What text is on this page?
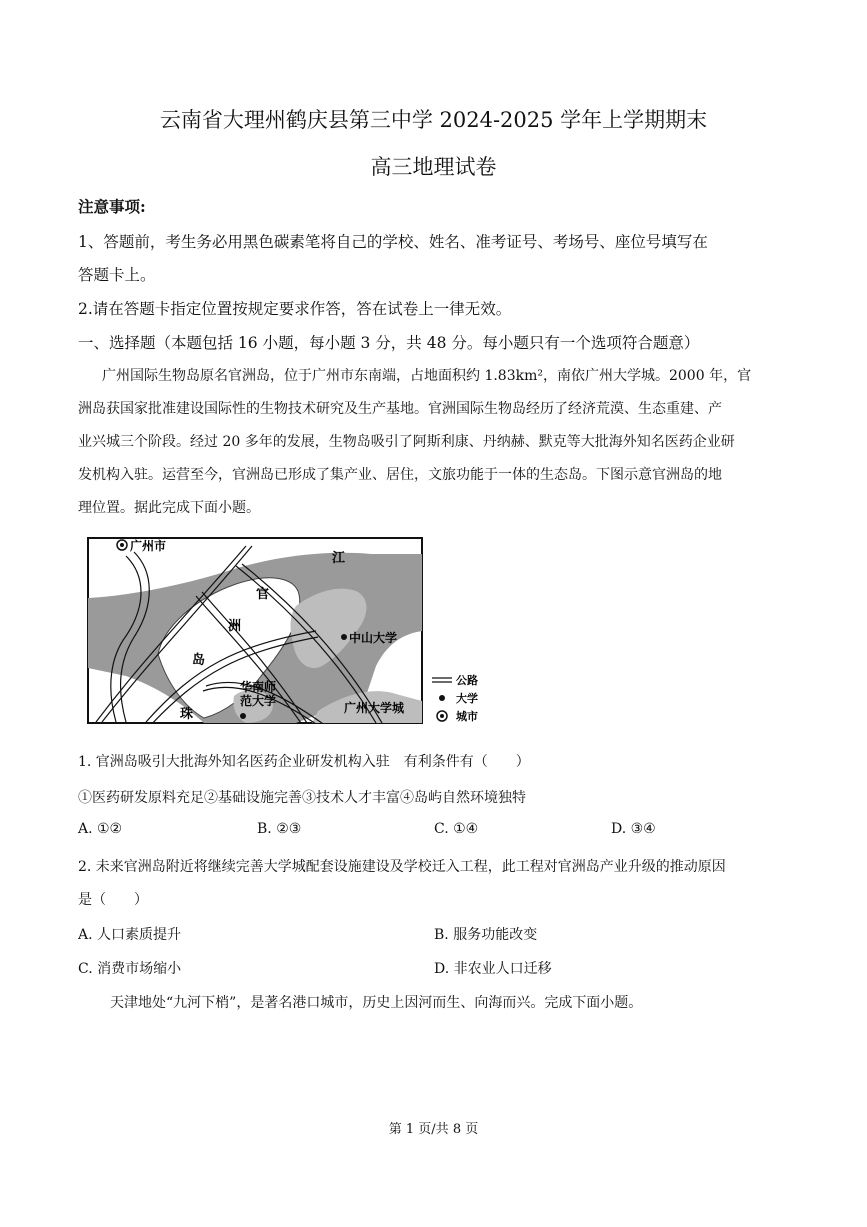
云南省大理州鹤庆县第三中学 2024-2025 学年上学期期末
高三地理试卷
注意事项:
1、答题前，考生务必用黑色碳素笔将自己的学校、姓名、准考证号、考场号、座位号填写在
答题卡上。
2.请在答题卡指定位置按规定要求作答，答在试卷上一律无效。
一、选择题（本题包括 16 小题，每小题 3 分，共 48 分。每小题只有一个选项符合题意）
广州国际生物岛原名官洲岛，位于广州市东南端，占地面积约 1.83km²，南依广州大学城。2000 年，官
洲岛获国家批准建设国际性的生物技术研究及生产基地。官洲国际生物岛经历了经济荒漠、生态重建、产
业兴城三个阶段。经过 20 多年的发展，生物岛吸引了阿斯利康、丹纳赫、默克等大批海外知名医药企业研
发机构入驻。运营至今，官洲岛已形成了集产业、居住，文旅功能于一体的生态岛。下图示意官洲岛的地
理位置。据此完成下面小题。
广州市
江
官
洲
岛
珠
中山大学
华南师
范大学	广州大学城
公路
大学
城市
1. 官洲岛吸引大批海外知名医药企业研发机构入驻　有利条件有（　　）
①医药研发原料充足②基础设施完善③技术人才丰富④岛屿自然环境独特
A. ①②	B. ②③	C. ①④	D. ③④
2. 未来官洲岛附近将继续完善大学城配套设施建设及学校迁入工程，此工程对官洲岛产业升级的推动原因
是（　　）
A. 人口素质提升	B. 服务功能改变
C. 消费市场缩小	D. 非农业人口迁移
天津地处“九河下梢”，是著名港口城市，历史上因河而生、向海而兴。完成下面小题。
第 1 页/共 8 页
